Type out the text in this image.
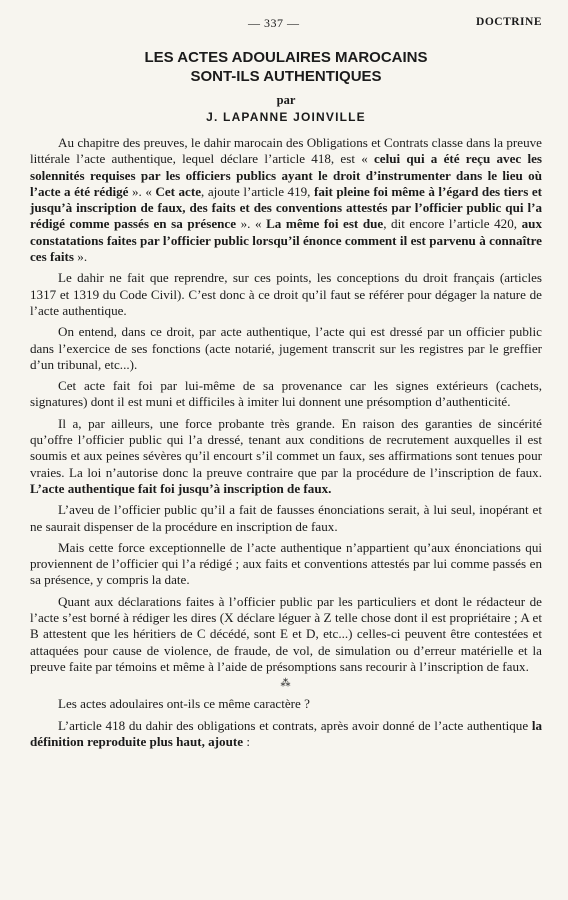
— 337 —	DOCTRINE
LES ACTES ADOULAIRES MAROCAINS
SONT-ILS AUTHENTIQUES
par
J. LAPANNE JOINVILLE

Au chapitre des preuves, le dahir marocain des Obligations et Contrats classe dans la preuve littérale l’acte authentique, lequel déclare l’article 418, est « celui qui a été reçu avec les solennités requises par les officiers publics ayant le droit d’instrumenter dans le lieu où l’acte a été rédigé ». « Cet acte, ajoute l’article 419, fait pleine foi même à l’égard des tiers et jusqu’à inscription de faux, des faits et des conventions attestés par l’officier public qui l’a rédigé comme passés en sa présence ». « La même foi est due, dit encore l’article 420, aux constatations faites par l’officier public lorsqu’il énonce comment il est parvenu à connaître ces faits ».

Le dahir ne fait que reprendre, sur ces points, les conceptions du droit français (articles 1317 et 1319 du Code Civil). C’est donc à ce droit qu’il faut se référer pour dégager la nature de l’acte authentique.

On entend, dans ce droit, par acte authentique, l’acte qui est dressé par un officier public dans l’exercice de ses fonctions (acte notarié, jugement transcrit sur les registres par le greffier d’un tribunal, etc...).

Cet acte fait foi par lui-même de sa provenance car les signes extérieurs (cachets, signatures) dont il est muni et difficiles à imiter lui donnent une présomption d’authenticité.

Il a, par ailleurs, une force probante très grande. En raison des garanties de sincérité qu’offre l’officier public qui l’a dressé, tenant aux conditions de recrutement auxquelles il est soumis et aux peines sévères qu’il encourt s’il commet un faux, ses affirmations sont tenues pour vraies. La loi n’autorise donc la preuve contraire que par la procédure de l’inscription de faux. L’acte authentique fait foi jusqu’à inscription de faux.

L’aveu de l’officier public qu’il a fait de fausses énonciations serait, à lui seul, inopérant et ne saurait dispenser de la procédure en inscription de faux.

Mais cette force exceptionnelle de l’acte authentique n’appartient qu’aux énonciations qui proviennent de l’officier qui l’a rédigé ; aux faits et conventions attestés par lui comme passés en sa présence, y compris la date.

Quant aux déclarations faites à l’officier public par les particuliers et dont le rédacteur de l’acte s’est borné à rédiger les dires (X déclare léguer à Z telle chose dont il est propriétaire ; A et B attestent que les héritiers de C décédé, sont E et D, etc...) celles-ci peuvent être contestées et attaquées pour cause de violence, de fraude, de vol, de simulation ou d’erreur matérielle et la preuve faite par témoins et même à l’aide de présomptions sans recourir à l’inscription de faux.

⁂

Les actes adoulaires ont-ils ce même caractère ?

L’article 418 du dahir des obligations et contrats, après avoir donné de l’acte authentique la définition reproduite plus haut, ajoute :
